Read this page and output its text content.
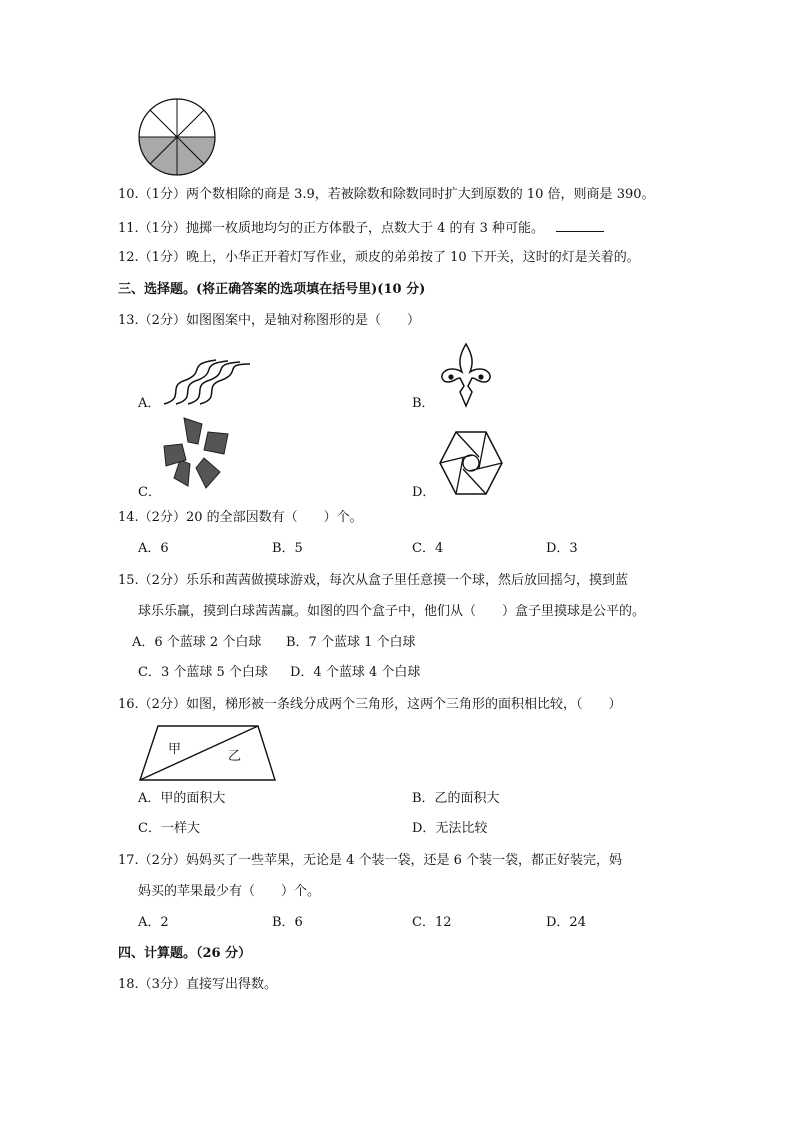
10.（1分）两个数相除的商是 3.9，若被除数和除数同时扩大到原数的 10 倍，则商是 390。
11.（1分）抛掷一枚质地均匀的正方体骰子，点数大于 4 的有 3 种可能。
12.（1分）晚上，小华正开着灯写作业，顽皮的弟弟按了 10 下开关，这时的灯是关着的。
三、选择题。(将正确答案的选项填在括号里)(10 分)
13.（2分）如图图案中，是轴对称图形的是（　　）
A．	B．
C．	D．
14.（2分）20 的全部因数有（　　）个。
A．6	B．5	C．4	D．3
15.（2分）乐乐和茜茜做摸球游戏，每次从盒子里任意摸一个球，然后放回摇匀，摸到蓝
球乐乐赢，摸到白球茜茜赢。如图的四个盒子中，他们从（　　）盒子里摸球是公平的。
A．6 个蓝球 2 个白球 B．7 个蓝球 1 个白球
C．3 个蓝球 5 个白球 D．4 个蓝球 4 个白球
16.（2分）如图，梯形被一条线分成两个三角形，这两个三角形的面积相比较，（　　）
甲	乙
A．甲的面积大	B．乙的面积大
C．一样大	D．无法比较
17.（2分）妈妈买了一些苹果，无论是 4 个装一袋，还是 6 个装一袋，都正好装完，妈
妈买的苹果最少有（　　）个。
A．2	B．6	C．12	D．24
四、计算题。（26 分）
18.（3分）直接写出得数。
